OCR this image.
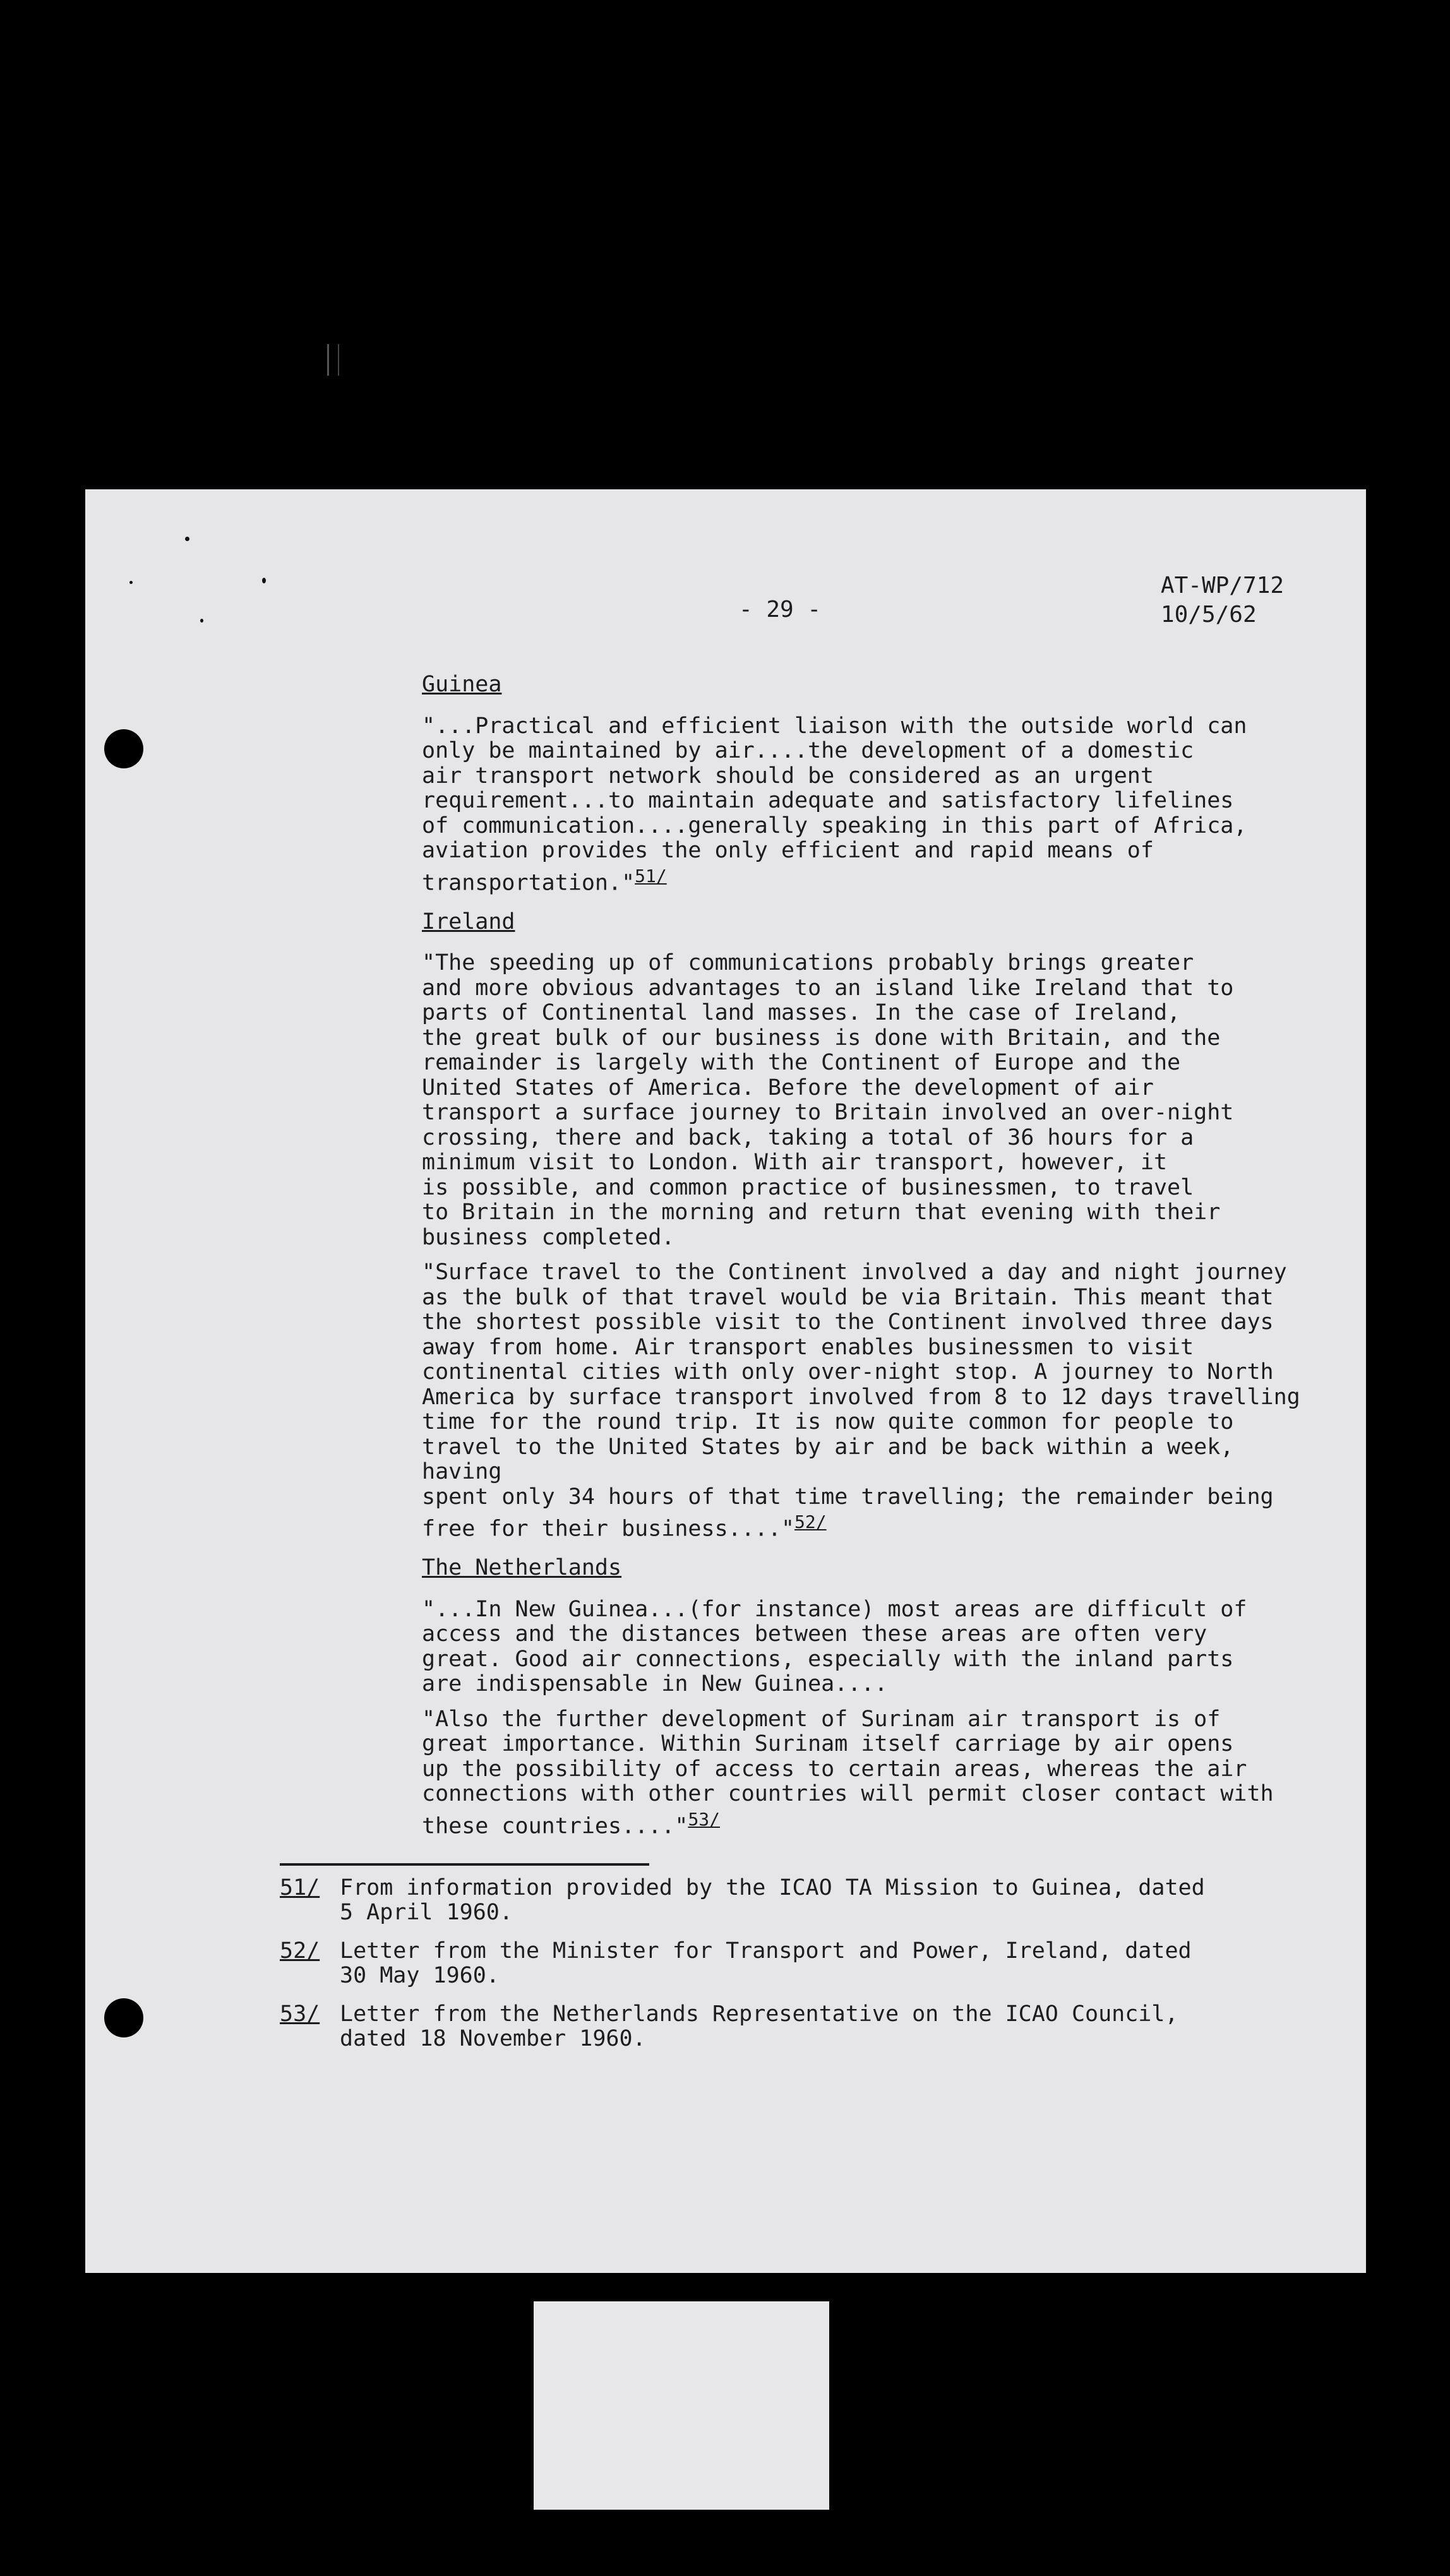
AT-WP/712
10/5/62
- 29 -
Guinea
"...Practical and efficient liaison with the outside world can
only be maintained by air....the development of a domestic
air transport network should be considered as an urgent
requirement...to maintain adequate and satisfactory lifelines
of communication....generally speaking in this part of Africa,
aviation provides the only efficient and rapid means of
transportation."$^{51/}$
Ireland
"The speeding up of communications probably brings greater
and more obvious advantages to an island like Ireland that to
parts of Continental land masses. In the case of Ireland,
the great bulk of our business is done with Britain, and the
remainder is largely with the Continent of Europe and the
United States of America. Before the development of air
transport a surface journey to Britain involved an over-night
crossing, there and back, taking a total of 36 hours for a
minimum visit to London. With air transport, however, it
is possible, and common practice of businessmen, to travel
to Britain in the morning and return that evening with their
business completed.
"Surface travel to the Continent involved a day and night journey
as the bulk of that travel would be via Britain. This meant that
the shortest possible visit to the Continent involved three days
away from home. Air transport enables businessmen to visit
continental cities with only over-night stop. A journey to North
America by surface transport involved from 8 to 12 days travelling
time for the round trip. It is now quite common for people to
travel to the United States by air and be back within a week, having
spent only 34 hours of that time travelling; the remainder being
free for their business...."$^{52/}$
The Netherlands
"...In New Guinea...(for instance) most areas are difficult of
access and the distances between these areas are often very
great. Good air connections, especially with the inland parts
are indispensable in New Guinea....
"Also the further development of Surinam air transport is of
great importance. Within Surinam itself carriage by air opens
up the possibility of access to certain areas, whereas the air
connections with other countries will permit closer contact with
these countries...."$^{53/}$
51/ From information provided by the ICAO TA Mission to Guinea, dated
5 April 1960.
52/ Letter from the Minister for Transport and Power, Ireland, dated
30 May 1960.
53/ Letter from the Netherlands Representative on the ICAO Council,
dated 18 November 1960.
